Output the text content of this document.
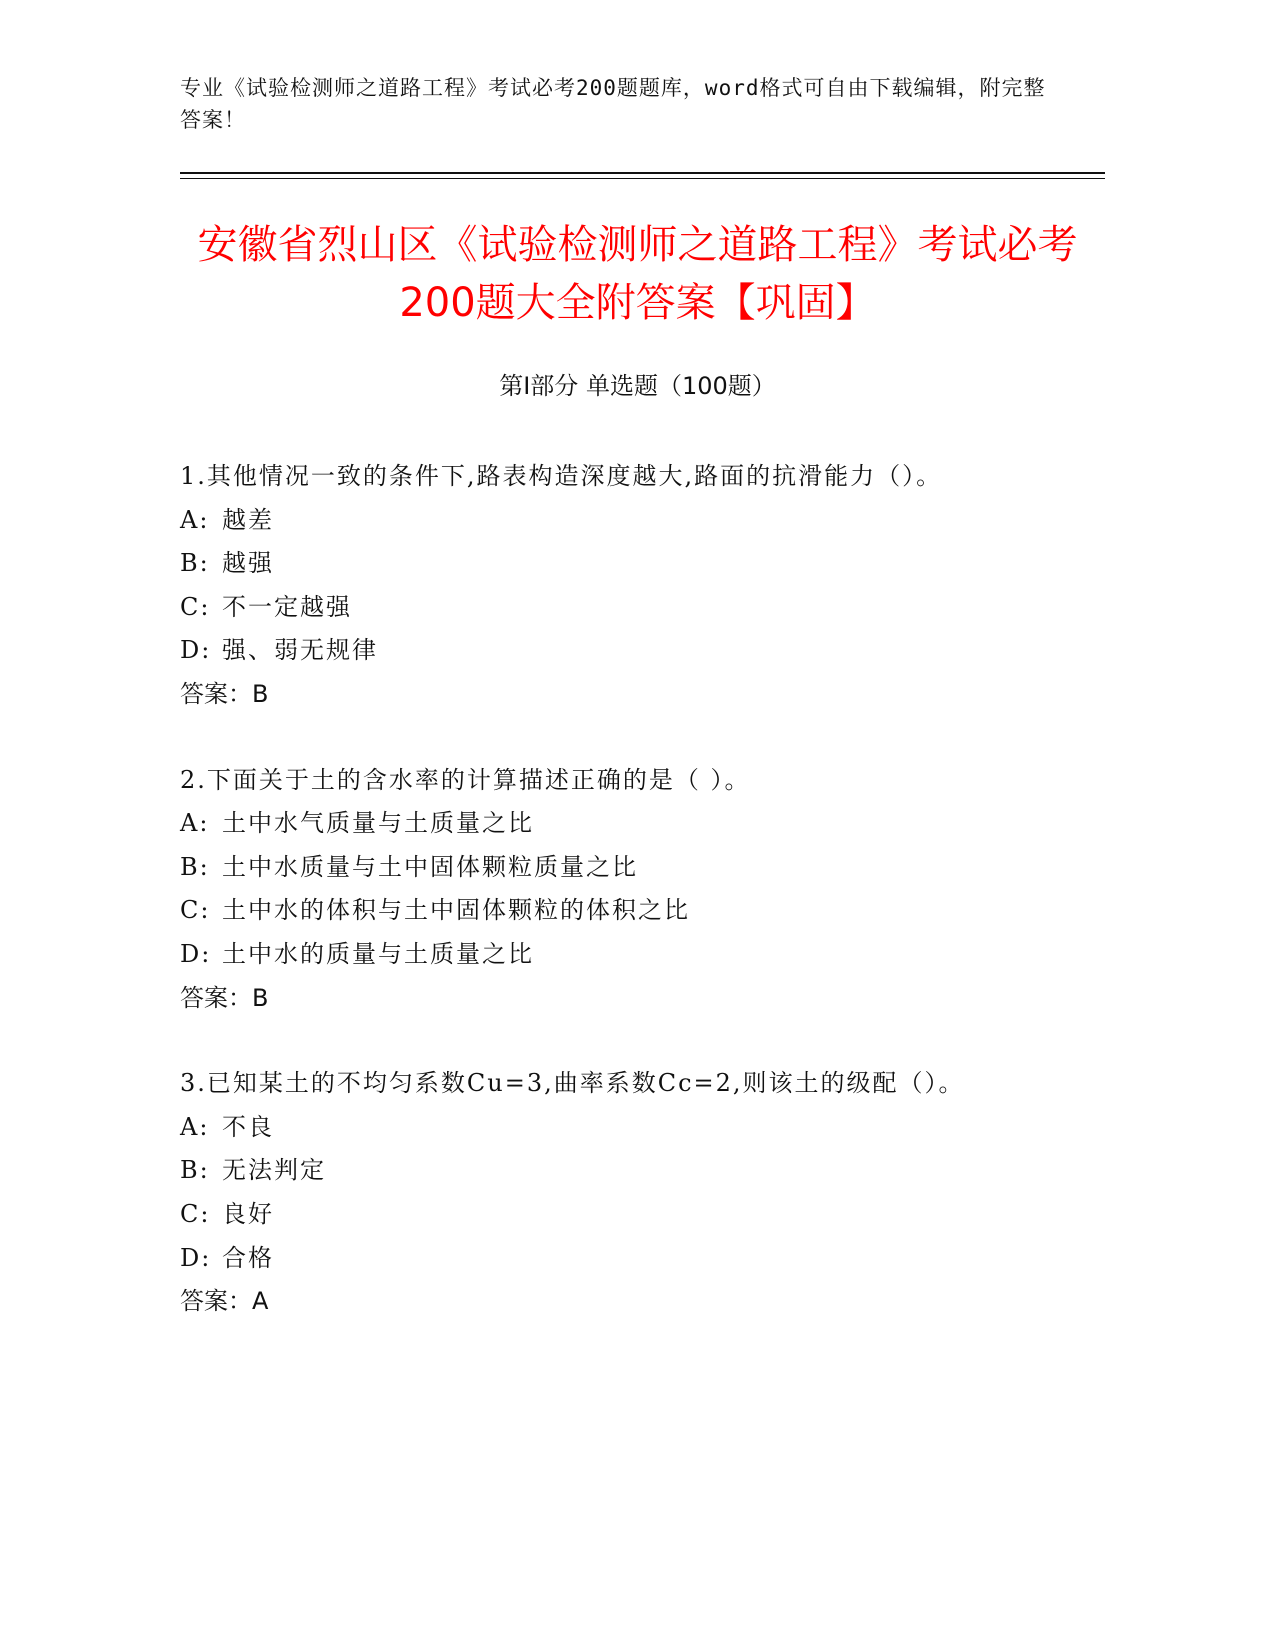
专业《试验检测师之道路工程》考试必考200题题库，word格式可自由下载编辑，附完整答案！
安徽省烈山区《试验检测师之道路工程》考试必考200题大全附答案【巩固】
第I部分 单选题（100题）
1.其他情况一致的条件下,路表构造深度越大,路面的抗滑能力（）。
A: 越差
B: 越强
C: 不一定越强
D: 强、弱无规律
答案：B
2.下面关于土的含水率的计算描述正确的是（ ）。
A: 土中水气质量与土质量之比
B: 土中水质量与土中固体颗粒质量之比
C: 土中水的体积与土中固体颗粒的体积之比
D: 土中水的质量与土质量之比
答案：B
3.已知某土的不均匀系数Cu=3,曲率系数Cc=2,则该土的级配（）。
A: 不良
B: 无法判定
C: 良好
D: 合格
答案：A
